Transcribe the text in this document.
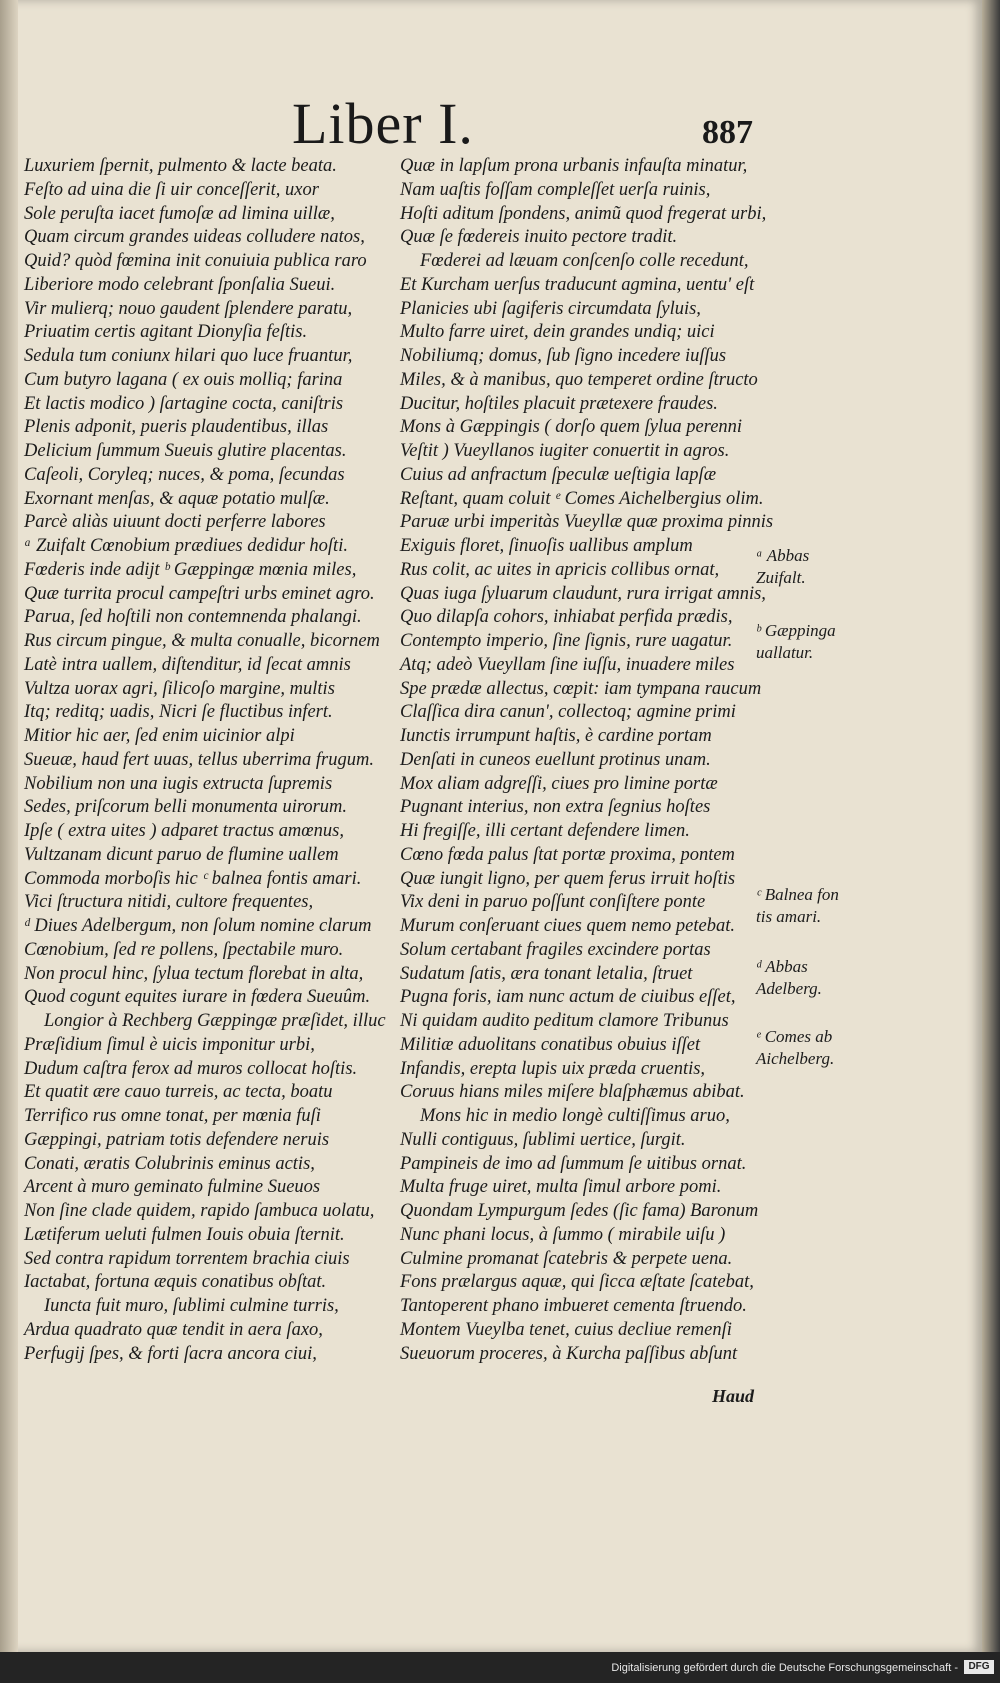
Liber I.	887
Luxuriem ſpernit, pulmento & lacte beata.
Feſto ad uina die ſi uir conceſſerit, uxor
Sole peruſta iacet fumoſæ ad limina uillæ,
Quam circum grandes uideas colludere natos,
Quid? quòd fœmina init conuiuia publica raro
Liberiore modo celebrant ſponſalia Sueui.
Vir mulierq; nouo gaudent ſplendere paratu,
Priuatim certis agitant Dionyſia feſtis.
Sedula tum coniunx hilari quo luce fruantur,
Cum butyro lagana ( ex ouis molliq; farina
Et lactis modico ) ſartagine cocta, caniſtris
Plenis adponit, pueris plaudentibus, illas
Delicium ſummum Sueuis glutire placentas.
Caſeoli, Coryleq; nuces, & poma, ſecundas
Exornant menſas, & aquæ potatio mulſæ.
Parcè aliàs uiuunt docti perferre labores
ᵃ Zuifalt Cœnobium prædiues dedidur hoſti.
Fœderis inde adijt ᵇ Gæppingæ mœnia miles,
Quæ turrita procul campeſtri urbs eminet agro.
Parua, ſed hoſtili non contemnenda phalangi.
Rus circum pingue, & multa conualle, bicornem
Latè intra uallem, diſtenditur, id ſecat amnis
Vultza uorax agri, ſilicoſo margine, multis
Itq; reditq; uadis, Nicri ſe fluctibus infert.
Mitior hic aer, ſed enim uicinior alpi
Sueuæ, haud fert uuas, tellus uberrima frugum.
Nobilium non una iugis extructa ſupremis
Sedes, priſcorum belli monumenta uirorum.
Ipſe ( extra uites ) adparet tractus amœnus,
Vultzanam dicunt paruo de flumine uallem
Commoda morboſis hic ᶜ balnea fontis amari.
Vici ſtructura nitidi, cultore frequentes,
ᵈ Diues Adelbergum, non ſolum nomine clarum
Cœnobium, ſed re pollens, ſpectabile muro.
Non procul hinc, ſylua tectum florebat in alta,
Quod cogunt equites iurare in fœdera Sueuûm.
Longior à Rechberg Gæppingæ præſidet, illuc
Præſidium ſimul è uicis imponitur urbi,
Dudum caſtra ferox ad muros collocat hoſtis.
Et quatit ære cauo turreis, ac tecta, boatu
Terrifico rus omne tonat, per mœnia fuſi
Gæppingi, patriam totis defendere neruis
Conati, æratis Colubrinis eminus actis,
Arcent à muro geminato fulmine Sueuos
Non ſine clade quidem, rapido ſambuca uolatu,
Lætiferum ueluti fulmen Iouis obuia ſternit.
Sed contra rapidum torrentem brachia ciuis
Iactabat, fortuna æquis conatibus obſtat.
Iuncta fuit muro, ſublimi culmine turris,
Ardua quadrato quæ tendit in aera ſaxo,
Perfugij ſpes, & forti ſacra ancora ciui,
Quæ in lapſum prona urbanis infauſta minatur,
Nam uaſtis foſſam compleſſet uerſa ruinis,
Hoſti aditum ſpondens, animũ quod fregerat urbi,
Quæ ſe fœdereis inuito pectore tradit.
Fœderei ad læuam conſcenſo colle recedunt,
Et Kurcham uerſus traducunt agmina, uentu' eſt
Planicies ubi ſagiferis circumdata ſyluis,
Multo farre uiret, dein grandes undiq; uici
Nobiliumq; domus, ſub ſigno incedere iuſſus
Miles, & à manibus, quo temperet ordine ſtructo
Ducitur, hoſtiles placuit prætexere fraudes.
Mons à Gæppingis ( dorſo quem ſylua perenni
Veſtit ) Vueyllanos iugiter conuertit in agros.
Cuius ad anfractum ſpeculæ ueſtigia lapſæ
Reſtant, quam coluit ᵉ Comes Aichelbergius olim.
Paruæ urbi imperitàs Vueyllæ quæ proxima pinnis
Exiguis floret, ſinuoſis uallibus amplum
Rus colit, ac uites in apricis collibus ornat,
Quas iuga ſyluarum claudunt, rura irrigat amnis,
Quo dilapſa cohors, inhiabat perfida prædis,
Contempto imperio, ſine ſignis, rure uagatur.
Atq; adeò Vueyllam ſine iuſſu, inuadere miles
Spe prædæ allectus, cœpit: iam tympana raucum
Claſſica dira canun', collectoq; agmine primi
Iunctis irrumpunt haſtis, è cardine portam
Denſati in cuneos euellunt protinus unam.
Mox aliam adgreſſi, ciues pro limine portæ
Pugnant interius, non extra ſegnius hoſtes
Hi fregiſſe, illi certant defendere limen.
Cœno fœda palus ſtat portæ proxima, pontem
Quæ iungit ligno, per quem ferus irruit hoſtis
Vix deni in paruo poſſunt conſiſtere ponte
Murum conſeruant ciues quem nemo petebat.
Solum certabant fragiles excindere portas
Sudatum ſatis, æra tonant letalia, ſtruet
Pugna foris, iam nunc actum de ciuibus eſſet,
Ni quidam audito peditum clamore Tribunus
Militiæ aduolitans conatibus obuius iſſet
Infandis, erepta lupis uix præda cruentis,
Coruus hians miles miſere blaſphæmus abibat.
Mons hic in medio longè cultiſſimus aruo,
Nulli contiguus, ſublimi uertice, ſurgit.
Pampineis de imo ad ſummum ſe uitibus ornat.
Multa fruge uiret, multa ſimul arbore pomi.
Quondam Lympurgum ſedes (ſic fama) Baronum
Nunc phani locus, à ſummo ( mirabile uiſu )
Culmine promanat ſcatebris & perpete uena.
Fons prælargus aquæ, qui ſicca æſtate ſcatebat,
Tantoperent phano imbueret cementa ſtruendo.
Montem Vueylba tenet, cuius decliue remenſi
Sueuorum proceres, à Kurcha paſſibus abſunt
ᵃ Abbas
Zuifalt.
ᵇ Gæppinga
uallatur.
ᶜ Balnea fon
tis amari.
ᵈ Abbas
Adelberg.
ᵉ Comes ab
Aichelberg.
Haud
Digitalisierung gefördert durch die Deutsche Forschungsgemeinschaft -	DFG
